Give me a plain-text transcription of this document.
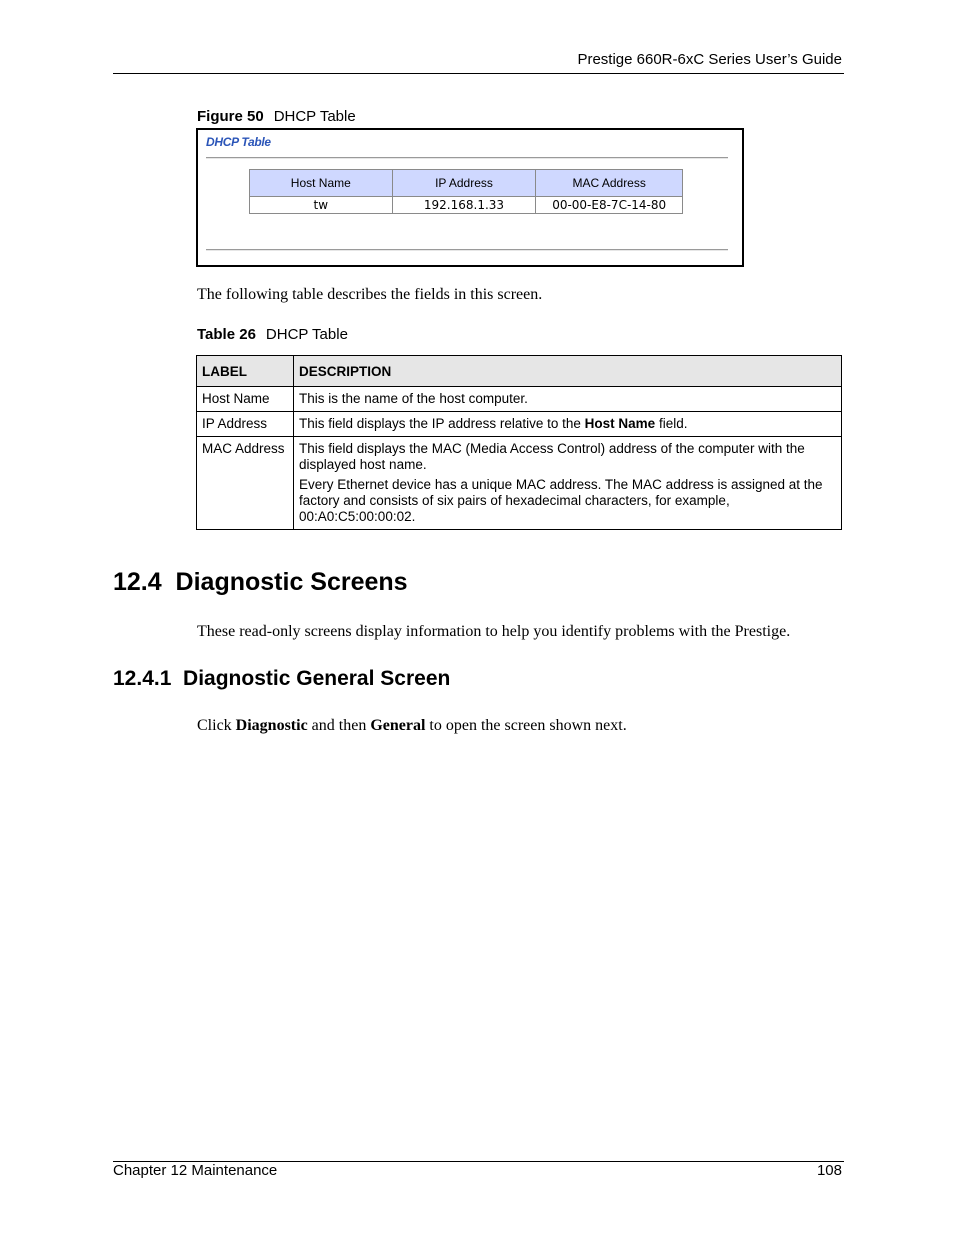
Prestige 660R-6xC Series User’s Guide
Figure 50 DHCP Table
DHCP Table
Host Name	IP Address	MAC Address
tw	192.168.1.33	00-00-E8-7C-14-80
The following table describes the fields in this screen.
Table 26 DHCP Table
LABEL	DESCRIPTION
Host Name	This is the name of the host computer.
IP Address	This field displays the IP address relative to the Host Name field.
MAC Address	This field displays the MAC (Media Access Control) address of the computer with the displayed host name.

Every Ethernet device has a unique MAC address. The MAC address is assigned at the factory and consists of six pairs of hexadecimal characters, for example, 00:A0:C5:00:00:02.

12.4  Diagnostic Screens
These read-only screens display information to help you identify problems with the Prestige.
12.4.1  Diagnostic General Screen
Click Diagnostic and then General to open the screen shown next.
Chapter 12 Maintenance	108
